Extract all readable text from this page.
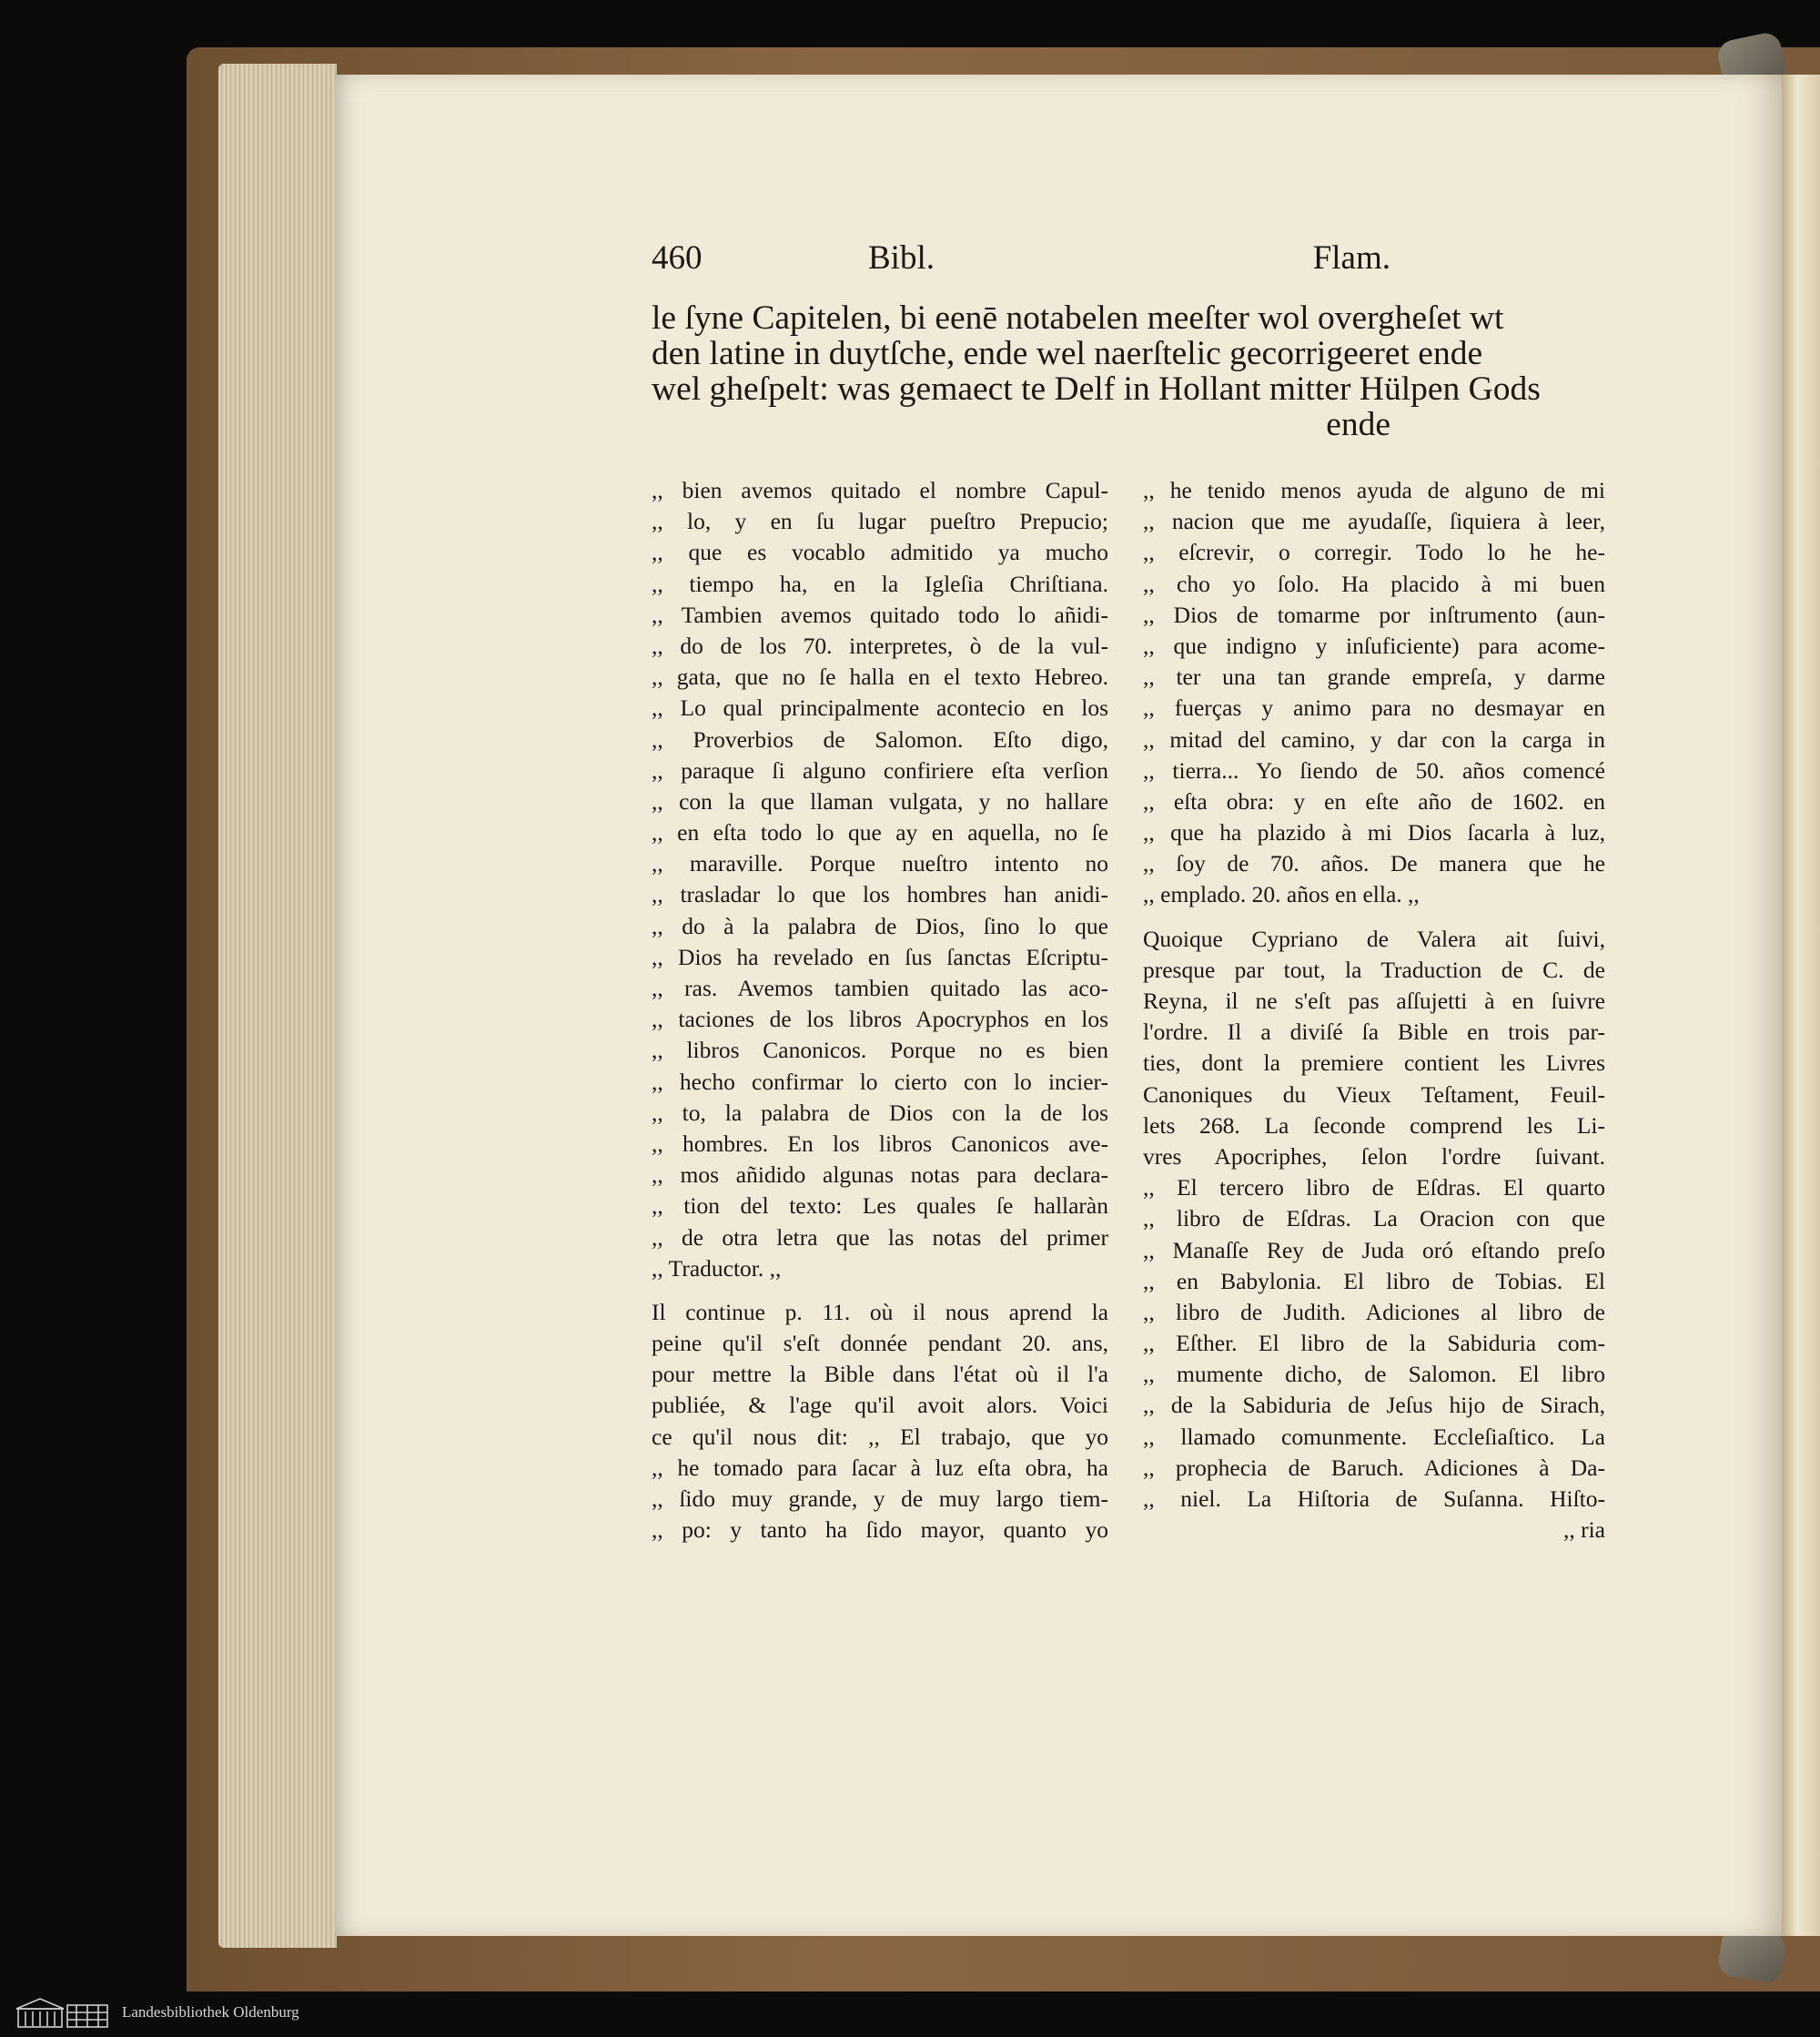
460	Bibl.	Flam.
le ſyne Capitelen, bi eenē notabelen meeſter wol overgheſet wt
den latine in duytſche, ende wel naerſtelic gecorrigeeret ende
wel gheſpelt: was gemaect te Delf in Hollant mitter Hülpen Gods
ende
,, bien avemos quitado el nombre Capul-
,, lo, y en ſu lugar pueſtro Prepucio;
,, que es vocablo admitido ya mucho
,, tiempo ha, en la Igleſia Chriſtiana.
,, Tambien avemos quitado todo lo añidi-
,, do de los 70. interpretes, ò de la vul-
,, gata, que no ſe halla en el texto Hebreo.
,, Lo qual principalmente acontecio en los
,, Proverbios de Salomon. Eſto digo,
,, paraque ſi alguno confiriere eſta verſion
,, con la que llaman vulgata, y no hallare
,, en eſta todo lo que ay en aquella, no ſe
,, maraville. Porque nueſtro intento no
,, trasladar lo que los hombres han anidi-
,, do à la palabra de Dios, ſino lo que
,, Dios ha revelado en ſus ſanctas Eſcriptu-
,, ras. Avemos tambien quitado las aco-
,, taciones de los libros Apocryphos en los
,, libros Canonicos. Porque no es bien
,, hecho confirmar lo cierto con lo incier-
,, to, la palabra de Dios con la de los
,, hombres. En los libros Canonicos ave-
,, mos añidido algunas notas para declara-
,, tion del texto: Les quales ſe hallaràn
,, de otra letra que las notas del primer
,, Traductor. ,,
Il continue p. 11. où il nous aprend la
peine qu'il s'eſt donnée pendant 20. ans,
pour mettre la Bible dans l'état où il l'a
publiée, & l'age qu'il avoit alors. Voici
ce qu'il nous dit: ,, El trabajo, que yo
,, he tomado para ſacar à luz eſta obra, ha
,, ſido muy grande, y de muy largo tiem-
,, po: y tanto ha ſido mayor, quanto yo
,, he tenido menos ayuda de alguno de mi
,, nacion que me ayudaſſe, ſiquiera à leer,
,, eſcrevir, o corregir. Todo lo he he-
,, cho yo ſolo. Ha placido à mi buen
,, Dios de tomarme por inſtrumento (aun-
,, que indigno y inſuficiente) para acome-
,, ter una tan grande empreſa, y darme
,, fuerças y animo para no desmayar en
,, mitad del camino, y dar con la carga in
,, tierra... Yo ſiendo de 50. años comencé
,, eſta obra: y en eſte año de 1602. en
,, que ha plazido à mi Dios ſacarla à luz,
,, ſoy de 70. años. De manera que he
,, emplado. 20. años en ella. ,,
Quoique Cypriano de Valera ait ſuivi,
presque par tout, la Traduction de C. de
Reyna, il ne s'eſt pas aſſujetti à en ſuivre
l'ordre. Il a diviſé ſa Bible en trois par-
ties, dont la premiere contient les Livres
Canoniques du Vieux Teſtament, Feuil-
lets 268. La ſeconde comprend les Li-
vres Apocriphes, ſelon l'ordre ſuivant.
,, El tercero libro de Eſdras. El quarto
,, libro de Eſdras. La Oracion con que
,, Manaſſe Rey de Juda oró eſtando preſo
,, en Babylonia. El libro de Tobias. El
,, libro de Judith. Adiciones al libro de
,, Eſther. El libro de la Sabiduria com-
,, mumente dicho, de Salomon. El libro
,, de la Sabiduria de Jeſus hijo de Sirach,
,, llamado comunmente. Eccleſiaſtico. La
,, prophecia de Baruch. Adiciones à Da-
,, niel. La Hiſtoria de Suſanna. Hiſto-
,, ria
Landesbibliothek Oldenburg
